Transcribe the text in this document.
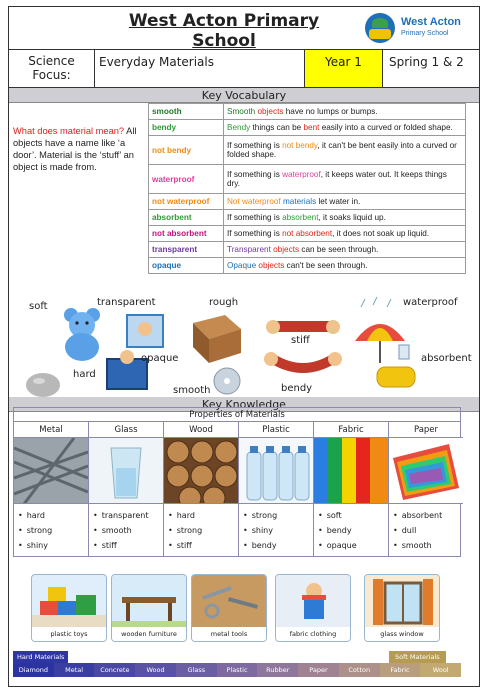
West Acton Primary School
West Acton
Primary School
Science Focus:
Everyday Materials	Year 1	Spring 1 & 2
Key Vocabulary
What does material mean? All objects have a name like ‘a door’. Material is the ‘stuff’ an object is made from.
smooth	Smooth objects have no lumps or bumps.
bendy	Bendy things can be bent easily into a curved or folded shape.
not bendy	If something is not bendy, it can't be bent easily into a curved or folded shape.
waterproof	If something is waterproof, it keeps water out. It keeps things dry.
not waterproof	Not waterproof materials let water in.
absorbent	If something is absorbent, it soaks liquid up.
not absorbent	If something is not absorbent, it does not soak up liquid.
transparent	Transparent objects can be seen through.
opaque	Opaque objects can't be seen through.
soft	transparent	rough	waterproof
stiff
opaque
hard
smooth	bendy
absorbent
Key Knowledge
Properties of Materials
Metal
• hard
• strong
• shiny
Glass
• transparent
• smooth
• stiff
Wood
• hard
• strong
• stiff
Plastic
• strong
• shiny
• bendy
Fabric
• soft
• bendy
• opaque
Paper
• absorbent
• dull
• smooth
plastic toys	wooden furniture	metal tools	fabric clothing	glass window
Hard Materials	Soft Materials
Diamond	Metal	Concrete	Wood	Glass	Plastic	Rubber	Paper	Cotton	Fabric	Wool
